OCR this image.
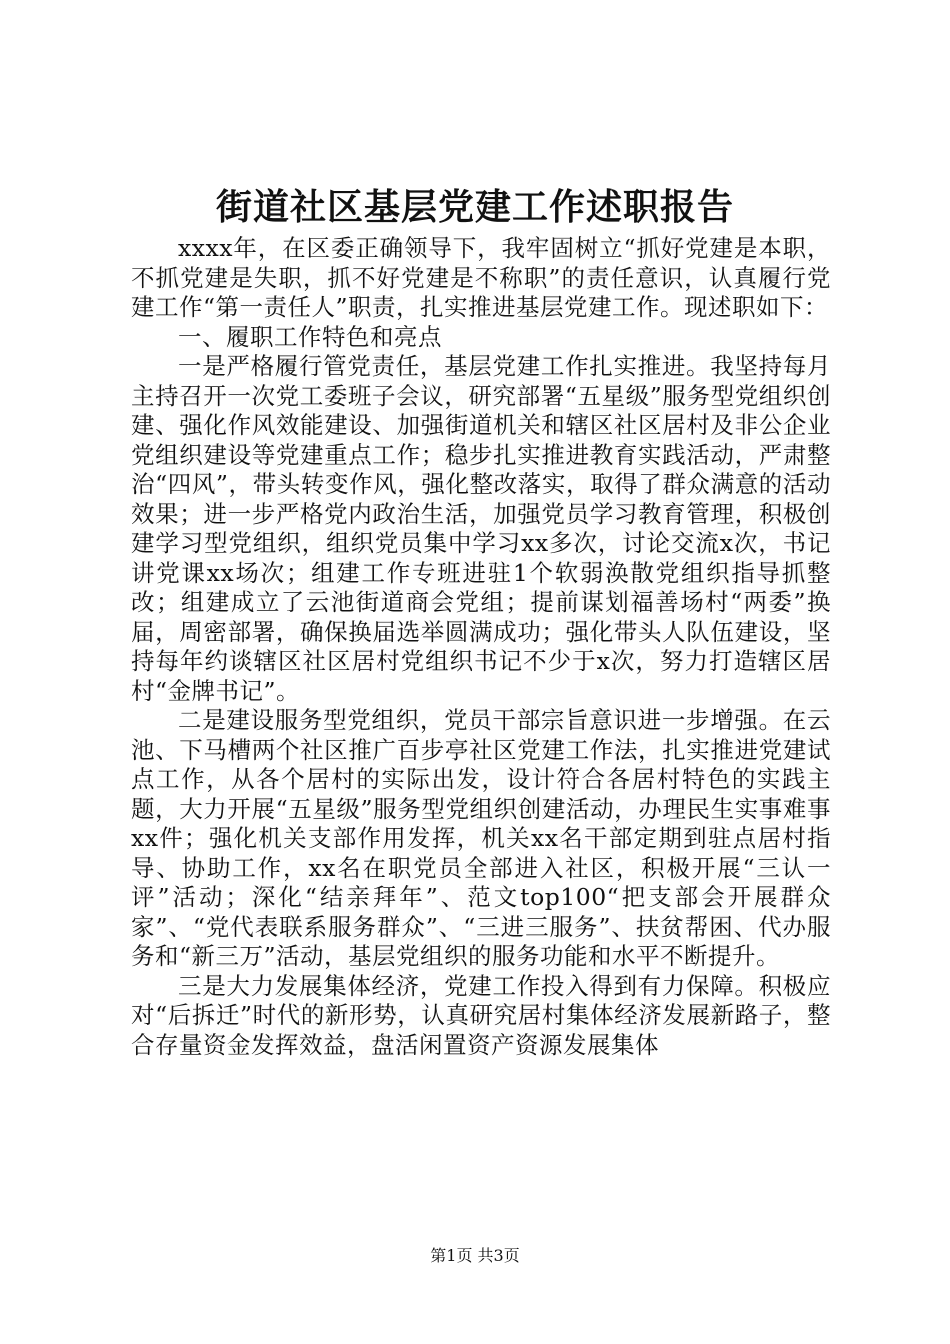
街道社区基层党建工作述职报告

xxxx年，在区委正确领导下，我牢固树立“抓好党建是本职，不抓党建是失职，抓不好党建是不称职”的责任意识，认真履行党建工作“第一责任人”职责，扎实推进基层党建工作。现述职如下：

一、履职工作特色和亮点

一是严格履行管党责任，基层党建工作扎实推进。我坚持每月主持召开一次党工委班子会议，研究部署“五星级”服务型党组织创建、强化作风效能建设、加强街道机关和辖区社区居村及非公企业党组织建设等党建重点工作；稳步扎实推进教育实践活动，严肃整治“四风”，带头转变作风，强化整改落实，取得了群众满意的活动效果；进一步严格党内政治生活，加强党员学习教育管理，积极创建学习型党组织，组织党员集中学习xx多次，讨论交流x次，书记讲党课xx场次；组建工作专班进驻1个软弱涣散党组织指导抓整改；组建成立了云池街道商会党组；提前谋划福善场村“两委”换届，周密部署，确保换届选举圆满成功；强化带头人队伍建设，坚持每年约谈辖区社区居村党组织书记不少于x次，努力打造辖区居村“金牌书记”。

二是建设服务型党组织，党员干部宗旨意识进一步增强。在云池、下马槽两个社区推广百步亭社区党建工作法，扎实推进党建试点工作，从各个居村的实际出发，设计符合各居村特色的实践主题，大力开展“五星级”服务型党组织创建活动，办理民生实事难事xx件；强化机关支部作用发挥，机关xx名干部定期到驻点居村指导、协助工作，xx名在职党员全部进入社区，积极开展“三认一评”活动；深化“结亲拜年”、范文top100“把支部会开展群众家”、“党代表联系服务群众”、“三进三服务”、扶贫帮困、代办服务和“新三万”活动，基层党组织的服务功能和水平不断提升。

三是大力发展集体经济，党建工作投入得到有力保障。积极应对“后拆迁”时代的新形势，认真研究居村集体经济发展新路子，整合存量资金发挥效益，盘活闲置资产资源发展集体

第1页 共3页
